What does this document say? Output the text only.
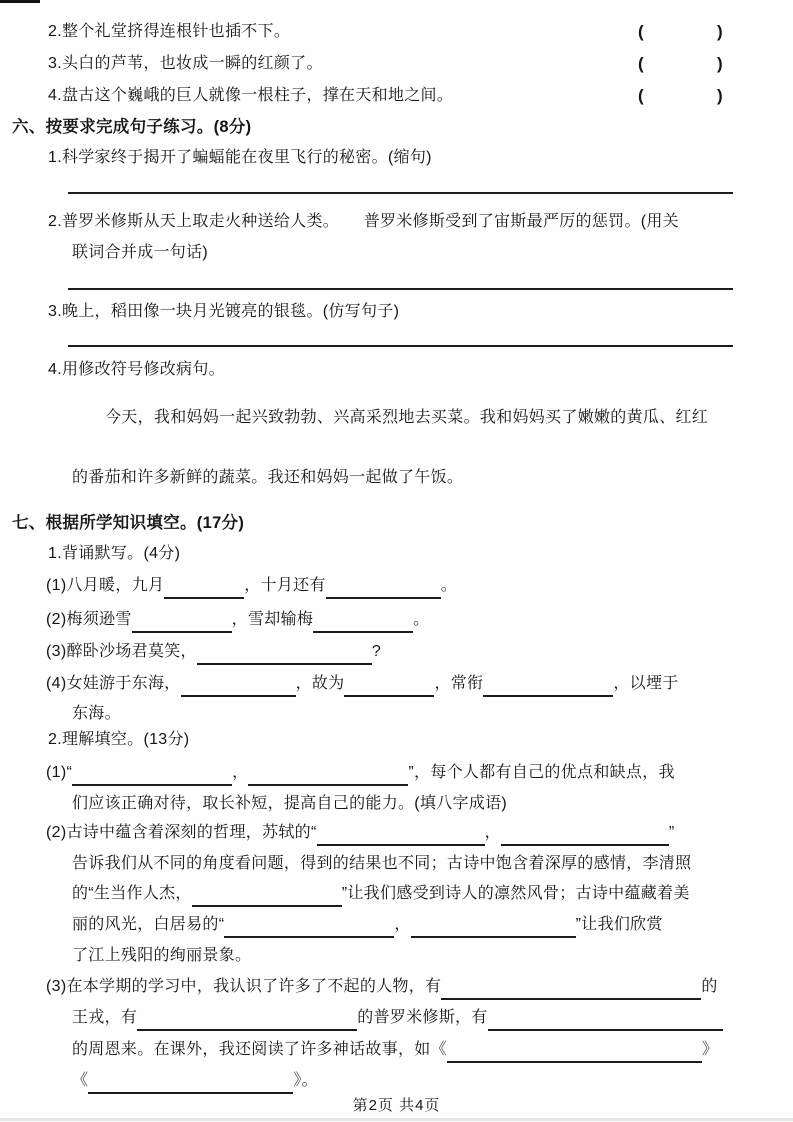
2.整个礼堂挤得连根针也插不下。	(	)
3.头白的芦苇，也妆成一瞬的红颜了。	(	)
4.盘古这个巍峨的巨人就像一根柱子，撑在天和地之间。	(	)
六、按要求完成句子练习。(8分)
1.科学家终于揭开了蝙蝠能在夜里飞行的秘密。(缩句)
2.普罗米修斯从天上取走火种送给人类。　　普罗米修斯受到了宙斯最严厉的惩罚。(用关
联词合并成一句话)
3.晚上，稻田像一块月光镀亮的银毯。(仿写句子)
4.用修改符号修改病句。
今天，我和妈妈一起兴致勃勃、兴高采烈地去买菜。我和妈妈买了嫩嫩的黄瓜、红红
的番茄和许多新鲜的蔬菜。我还和妈妈一起做了午饭。
七、根据所学知识填空。(17分)
1.背诵默写。(4分)
(1)八月暖，九月	，十月还有	。
(2)梅须逊雪	，雪却输梅	。
(3)醉卧沙场君莫笑，	?
(4)女娃游于东海，	，故为	，常衔	，以堙于
东海。
2.理解填空。(13分)
(1)“	，	”，每个人都有自己的优点和缺点，我
们应该正确对待，取长补短，提高自己的能力。(填八字成语)
(2)古诗中蕴含着深刻的哲理，苏轼的“	，	”
告诉我们从不同的角度看问题，得到的结果也不同；古诗中饱含着深厚的感情，李清照
的“生当作人杰，	”让我们感受到诗人的凛然风骨；古诗中蕴藏着美
丽的风光，白居易的“	，	”让我们欣赏
了江上残阳的绚丽景象。
(3)在本学期的学习中，我认识了许多了不起的人物，有	的
王戎，有	的普罗米修斯，有
的周恩来。在课外，我还阅读了许多神话故事，如《	》
《	》。
第2页 共4页
